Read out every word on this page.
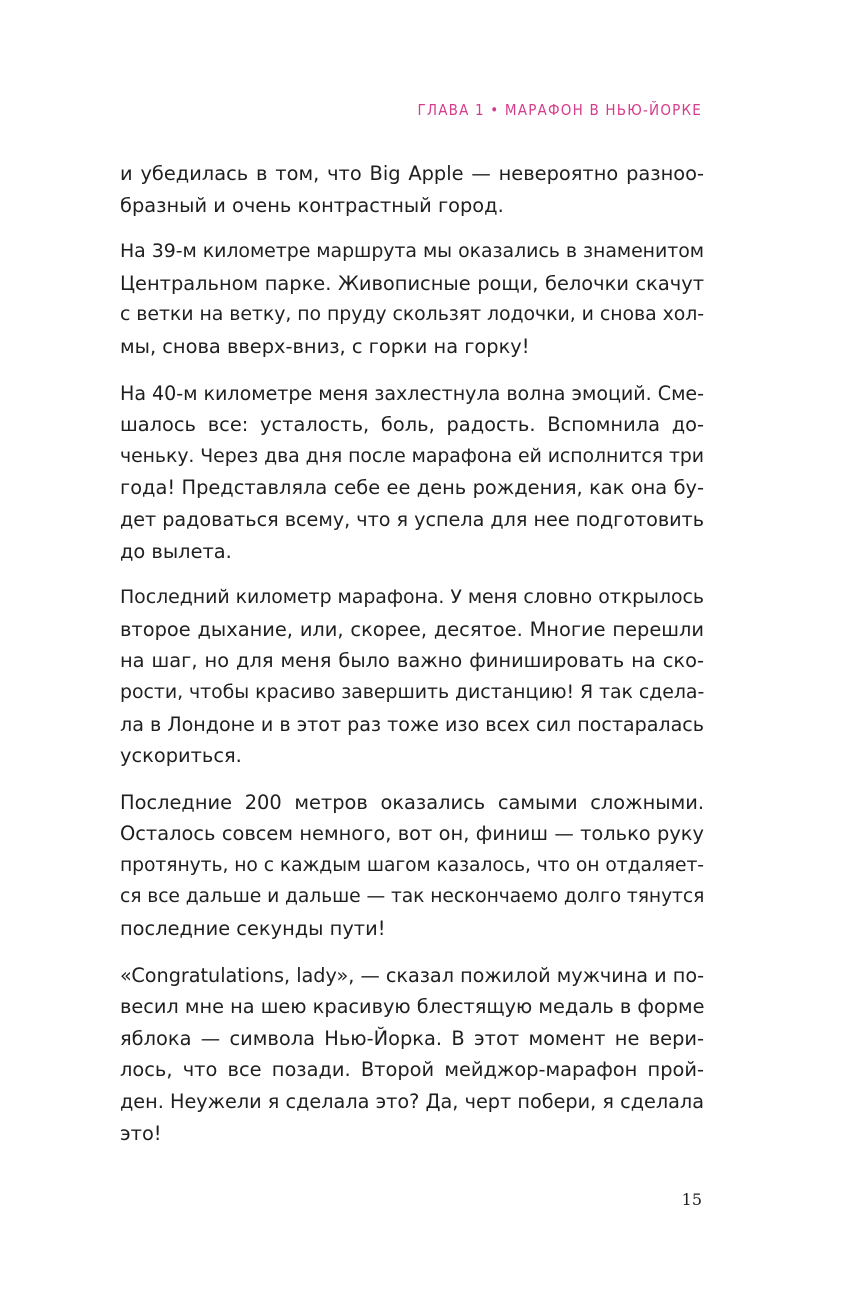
ГЛАВА 1 • МАРАФОН В НЬЮ-ЙОРКЕ

и убедилась в том, что Big Apple — невероятно разноо-
бразный и очень контрастный город.

На 39-м километре маршрута мы оказались в знаменитом
Центральном парке. Живописные рощи, белочки скачут
с ветки на ветку, по пруду скользят лодочки, и снова хол-
мы, снова вверх-вниз, с горки на горку!

На 40-м километре меня захлестнула волна эмоций. Сме-
шалось все: усталость, боль, радость. Вспомнила до-
ченьку. Через два дня после марафона ей исполнится три
года! Представляла себе ее день рождения, как она бу-
дет радоваться всему, что я успела для нее подготовить
до вылета.

Последний километр марафона. У меня словно открылось
второе дыхание, или, скорее, десятое. Многие перешли
на шаг, но для меня было важно финишировать на ско-
рости, чтобы красиво завершить дистанцию! Я так сдела-
ла в Лондоне и в этот раз тоже изо всех сил постаралась
ускориться.

Последние 200 метров оказались самыми сложными.
Осталось совсем немного, вот он, финиш — только руку
протянуть, но с каждым шагом казалось, что он отдаляет-
ся все дальше и дальше — так нескончаемо долго тянутся
последние секунды пути!

«Congratulations, lady», — сказал пожилой мужчина и по-
весил мне на шею красивую блестящую медаль в форме
яблока — символа Нью-Йорка. В этот момент не вери-
лось, что все позади. Второй мейджор-марафон прой-
ден. Неужели я сделала это? Да, черт побери, я сделала
это!

15
